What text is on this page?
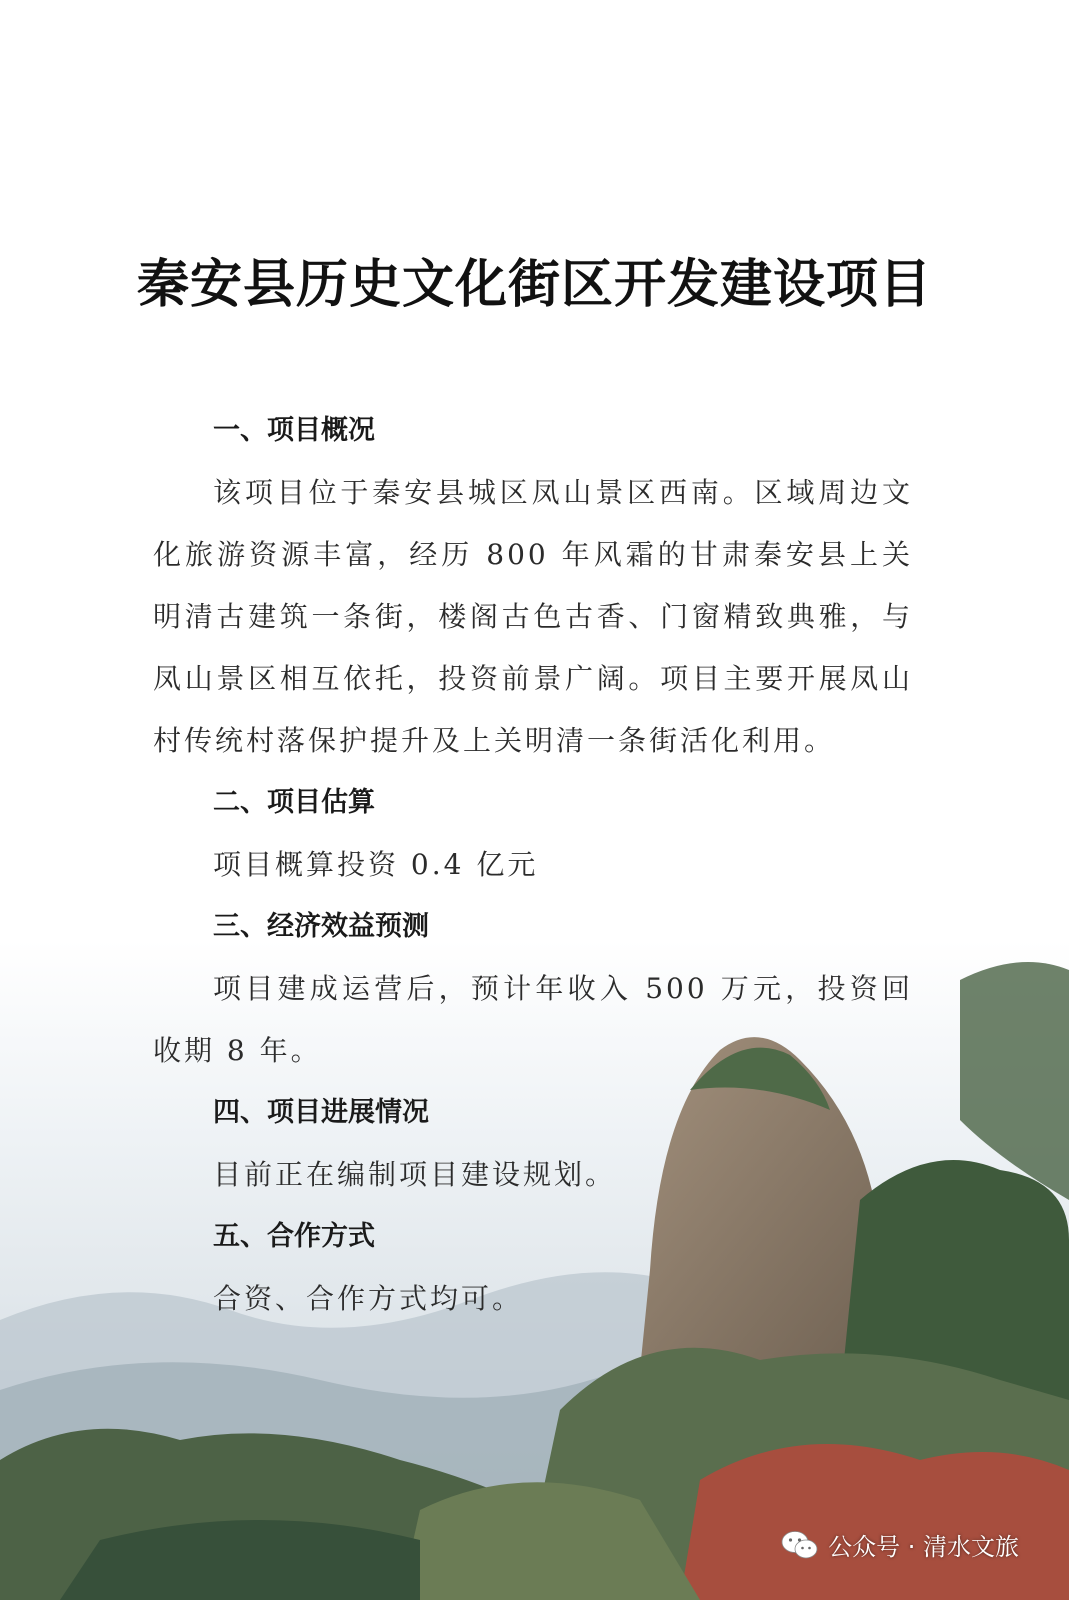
秦安县历史文化街区开发建设项目
一、项目概况

该项目位于秦安县城区凤山景区西南。区域周边文化旅游资源丰富，经历 800 年风霜的甘肃秦安县上关明清古建筑一条街，楼阁古色古香、门窗精致典雅，与凤山景区相互依托，投资前景广阔。项目主要开展凤山村传统村落保护提升及上关明清一条街活化利用。

二、项目估算

项目概算投资 0.4 亿元

三、经济效益预测

项目建成运营后，预计年收入 500 万元，投资回收期 8 年。

四、项目进展情况

目前正在编制项目建设规划。

五、合作方式

合资、合作方式均可。

公众号 · 清水文旅
